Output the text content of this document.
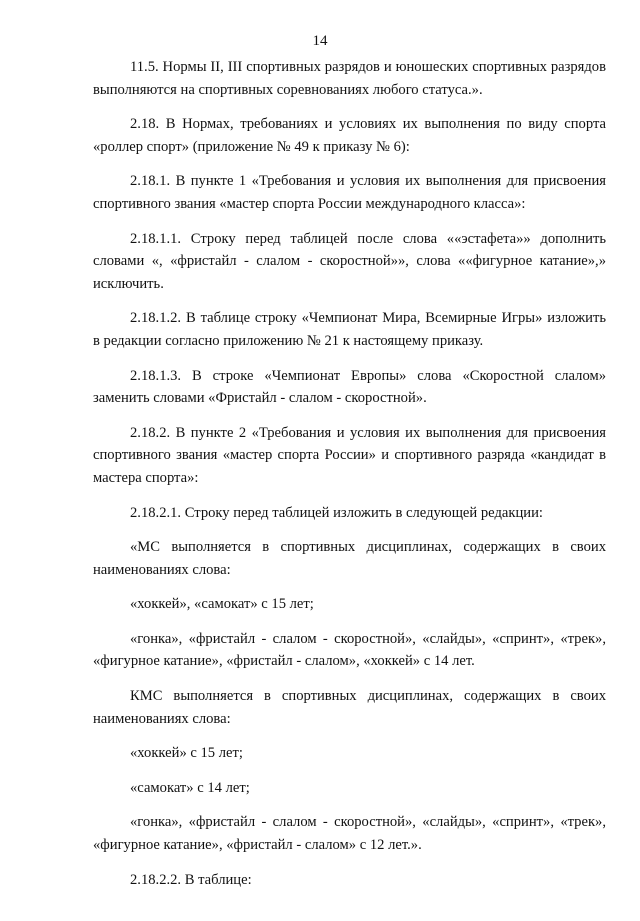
14

11.5. Нормы II, III спортивных разрядов и юношеских спортивных разрядов выполняются на спортивных соревнованиях любого статуса.».

2.18. В Нормах, требованиях и условиях их выполнения по виду спорта «роллер спорт» (приложение № 49 к приказу № 6):

2.18.1. В пункте 1 «Требования и условия их выполнения для присвоения спортивного звания «мастер спорта России международного класса»:

2.18.1.1. Строку перед таблицей после слова ««эстафета»» дополнить словами «, «фристайл - слалом - скоростной»», слова ««фигурное катание»,» исключить.

2.18.1.2. В таблице строку «Чемпионат Мира, Всемирные Игры» изложить в редакции согласно приложению № 21 к настоящему приказу.

2.18.1.3. В строке «Чемпионат Европы» слова «Скоростной слалом» заменить словами «Фристайл - слалом - скоростной».

2.18.2. В пункте 2 «Требования и условия их выполнения для присвоения спортивного звания «мастер спорта России» и спортивного разряда «кандидат в мастера спорта»:

2.18.2.1. Строку перед таблицей изложить в следующей редакции:

«МС выполняется в спортивных дисциплинах, содержащих в своих наименованиях слова:

«хоккей», «самокат» с 15 лет;

«гонка», «фристайл - слалом - скоростной», «слайды», «спринт», «трек», «фигурное катание», «фристайл - слалом», «хоккей» с 14 лет.

КМС выполняется в спортивных дисциплинах, содержащих в своих наименованиях слова:

«хоккей» с 15 лет;

«самокат» с 14 лет;

«гонка», «фристайл - слалом - скоростной», «слайды», «спринт», «трек», «фигурное катание», «фристайл - слалом» с 12 лет.».

2.18.2.2. В таблице:
